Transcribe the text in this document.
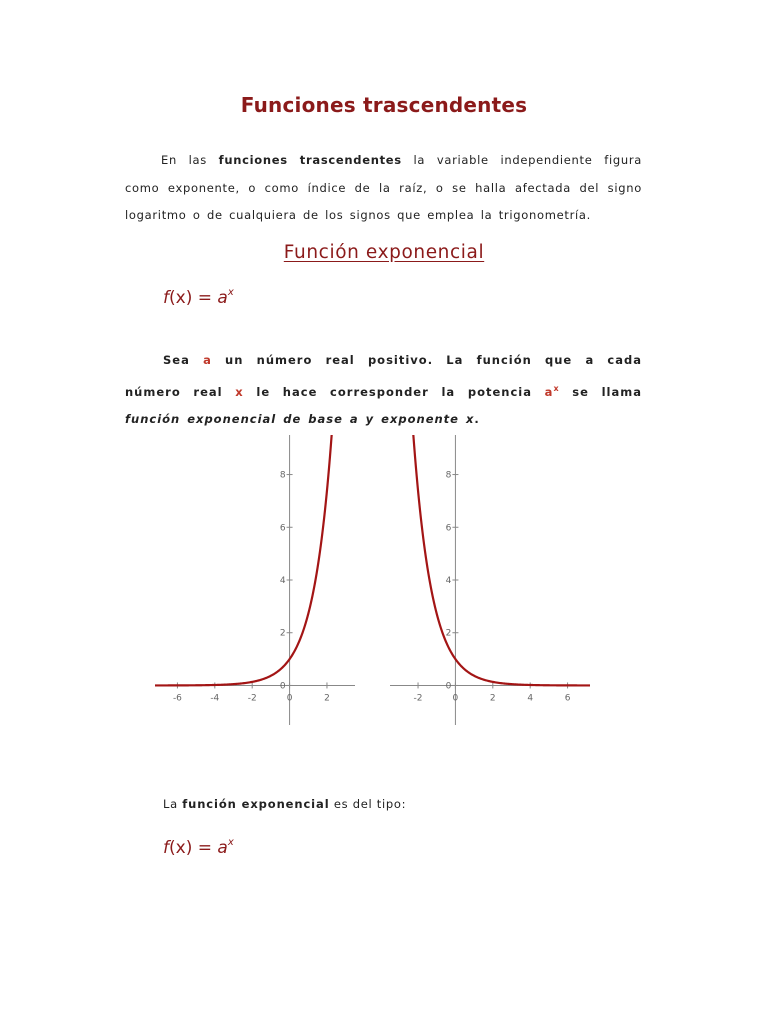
Funciones trascendentes
En las funciones trascendentes la variable independiente figura como exponente, o como índice de la raíz, o se halla afectada del signo logaritmo o de cualquiera de los signos que emplea la trigonometría.
Función exponencial
$f(x) = a^x$
Sea a un número real positivo. La función que a cada número real x le hace corresponder la potencia $a^x$ se llama función exponencial de base a y exponente x.
-6	-4	-2	0	2
0
2
4
6
8
-2	0	2	4	6
0
2
4
6
8
La función exponencial es del tipo:
$f(x) = a^x$
